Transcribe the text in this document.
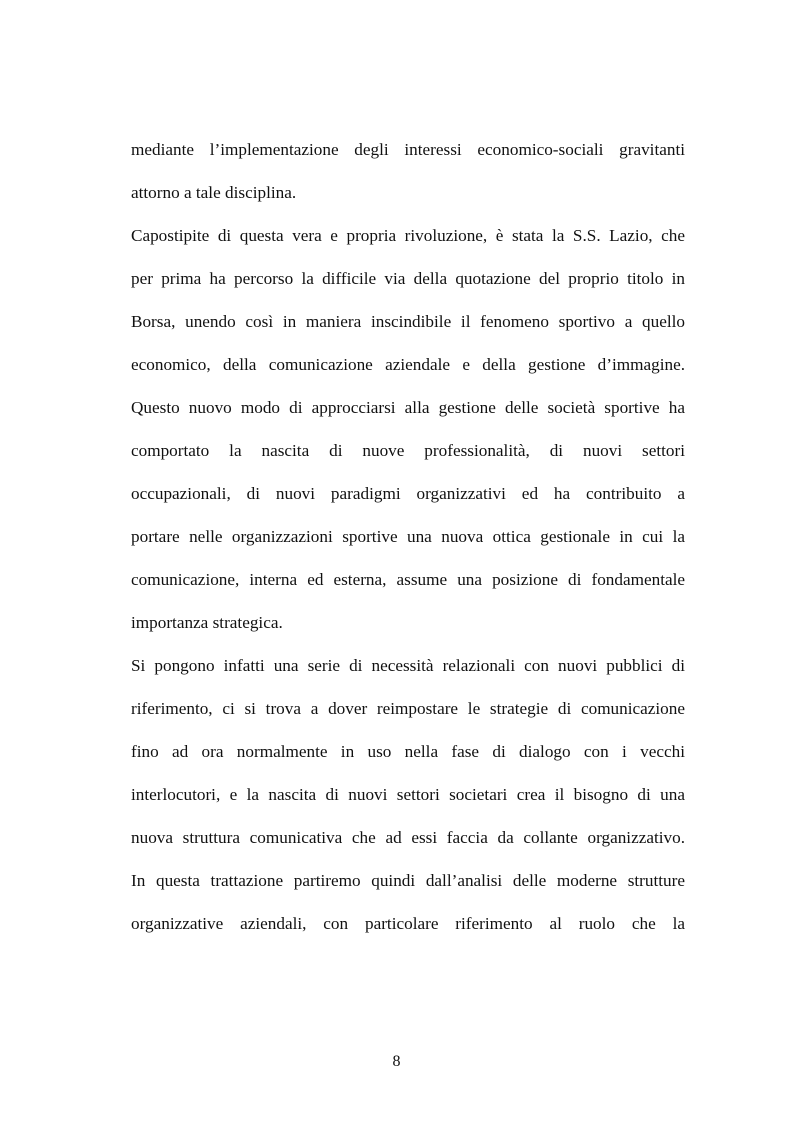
mediante l’implementazione degli interessi economico-sociali gravitanti
attorno a tale disciplina.
Capostipite di questa vera e propria rivoluzione, è stata la S.S. Lazio, che
per prima ha percorso la difficile via della quotazione del proprio titolo in
Borsa, unendo così in maniera inscindibile il fenomeno sportivo a quello
economico, della comunicazione aziendale e della gestione d’immagine.
Questo nuovo modo di approcciarsi alla gestione delle società sportive ha
comportato la nascita di nuove professionalità, di nuovi settori
occupazionali, di nuovi paradigmi organizzativi ed ha contribuito a
portare nelle organizzazioni sportive una nuova ottica gestionale in cui la
comunicazione, interna ed esterna, assume una posizione di fondamentale
importanza strategica.
Si pongono infatti una serie di necessità relazionali con nuovi pubblici di
riferimento, ci si trova a dover reimpostare le strategie di comunicazione
fino ad ora normalmente in uso nella fase di dialogo con i vecchi
interlocutori, e la nascita di nuovi settori societari crea il bisogno di una
nuova struttura comunicativa che ad essi faccia da collante organizzativo.
In questa trattazione partiremo quindi dall’analisi delle moderne strutture
organizzative aziendali, con particolare riferimento al ruolo che la
8
